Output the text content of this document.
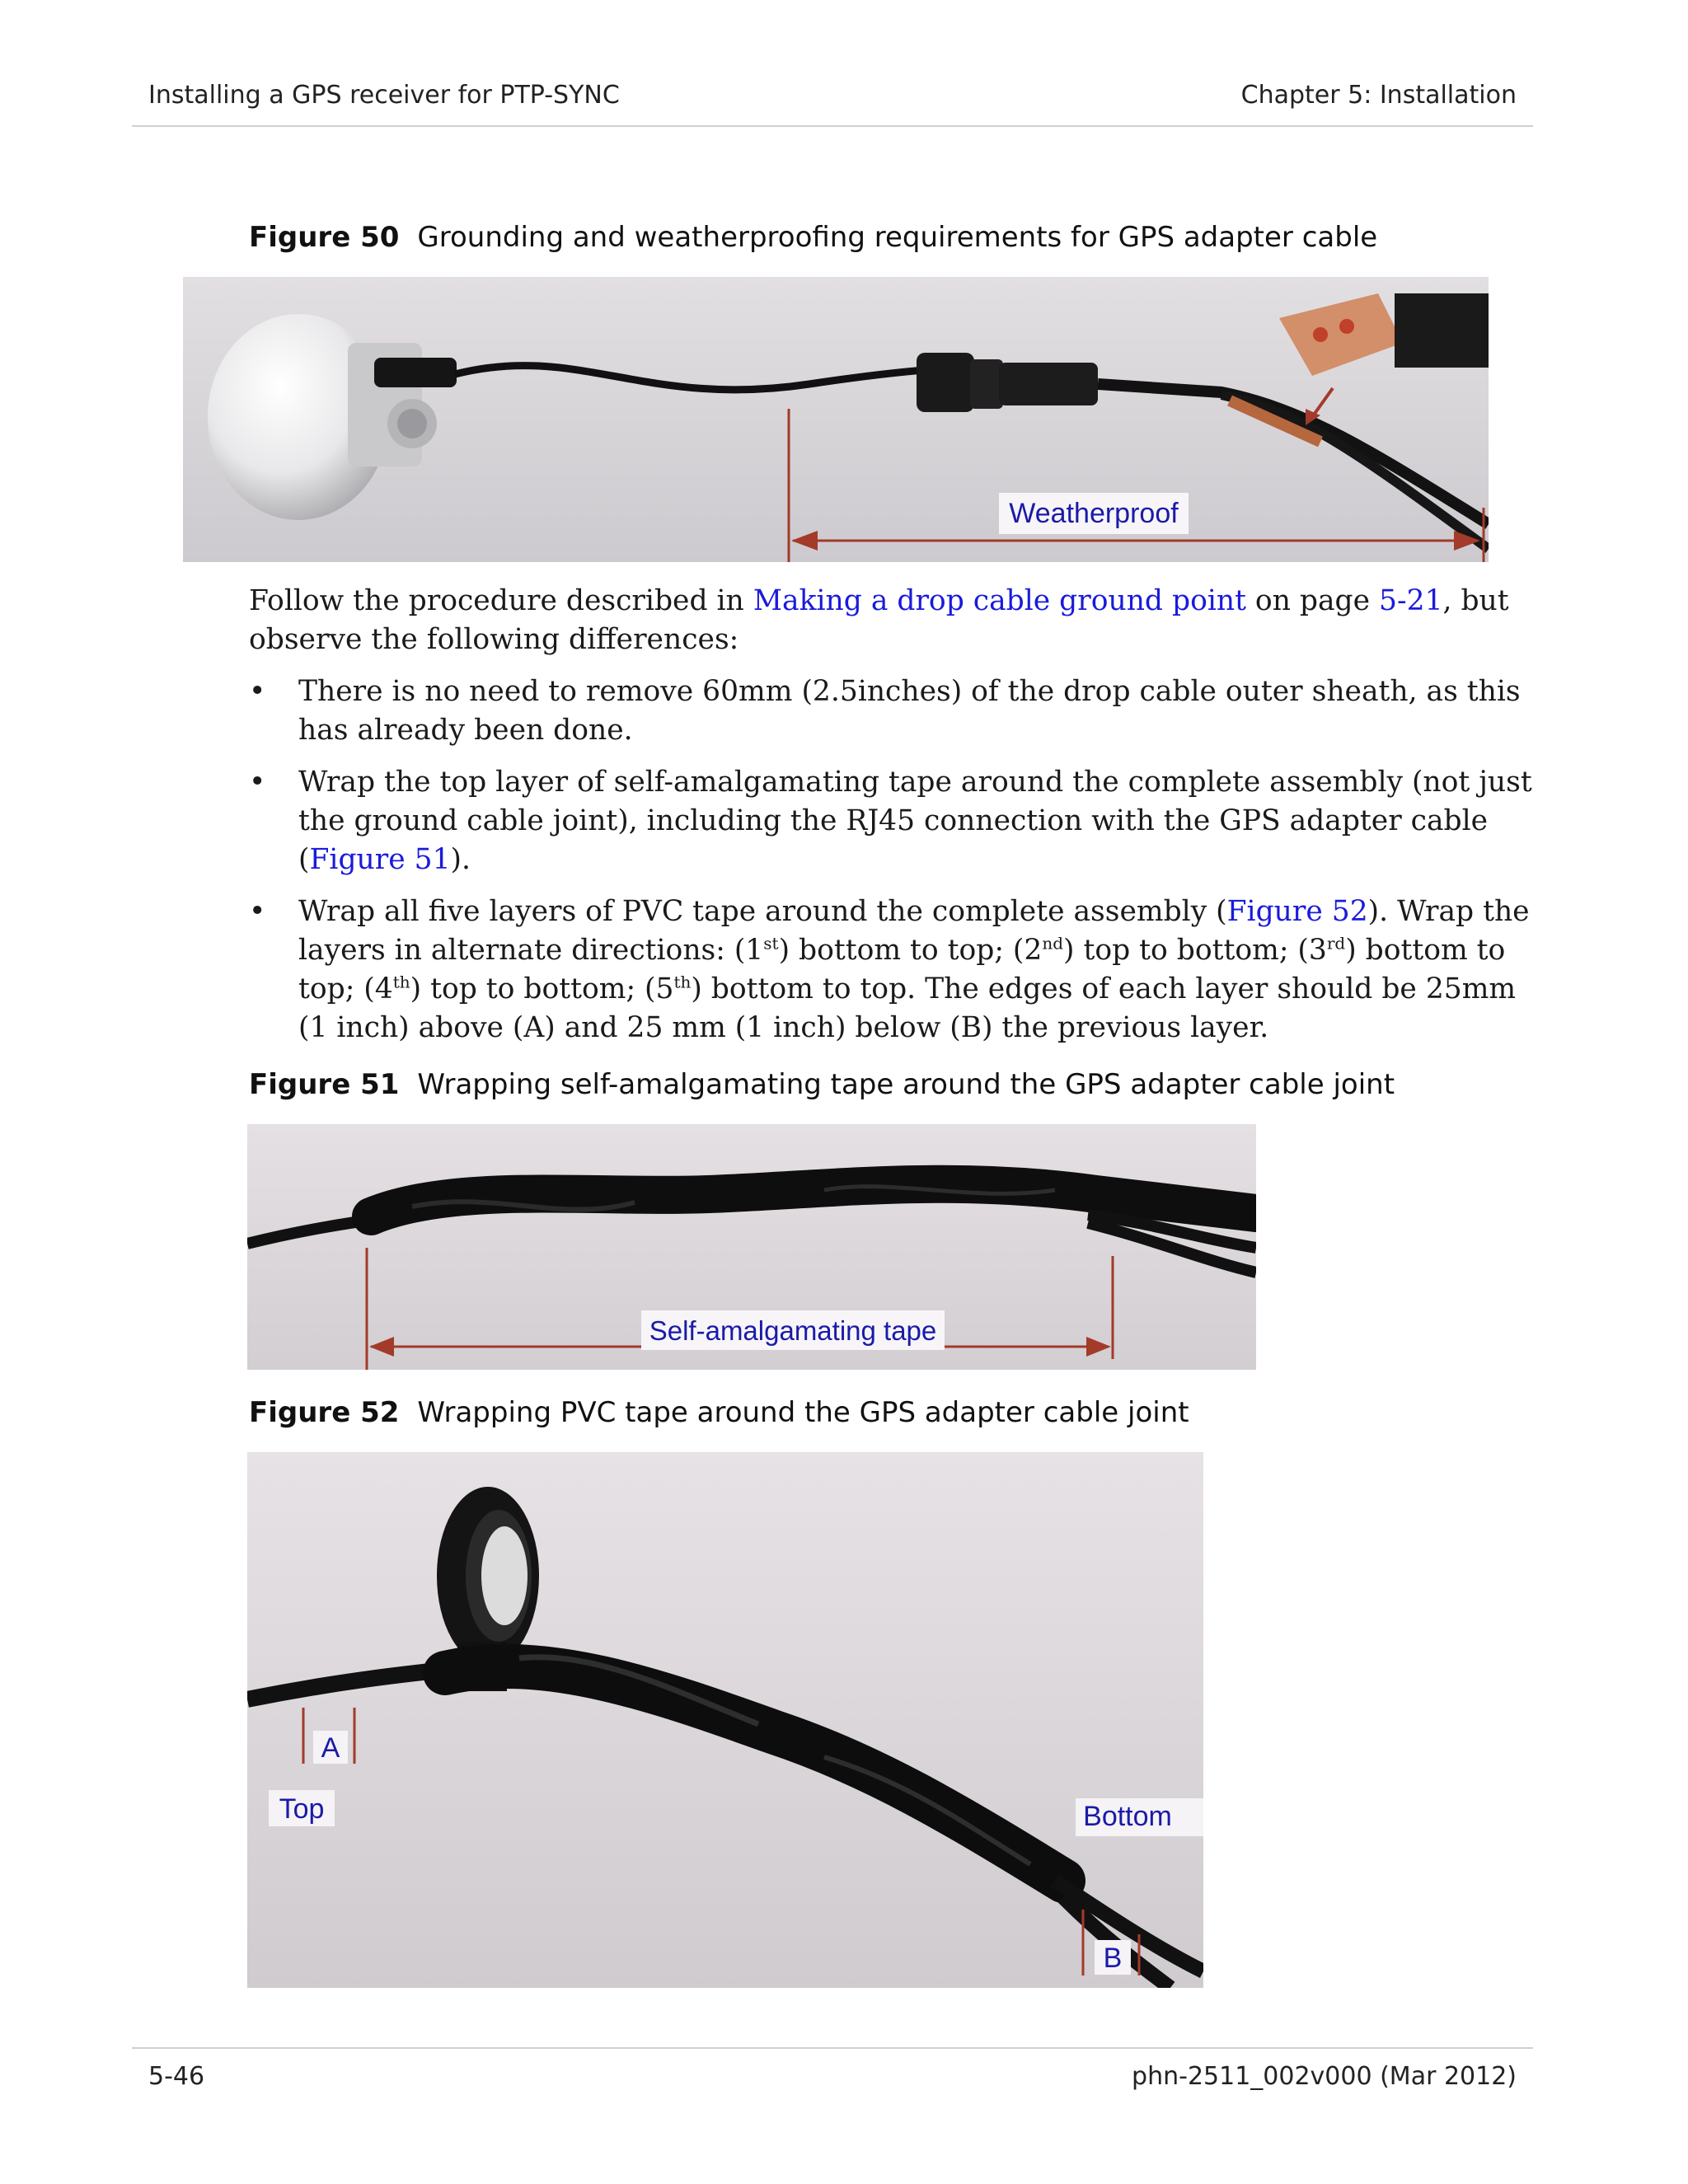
Installing a GPS receiver for PTP-SYNC	Chapter 5: Installation
Figure 50 Grounding and weatherproofing requirements for GPS adapter cable
Weatherproof
Follow the procedure described in Making a drop cable ground point on page 5-21, but observe the following differences:
• There is no need to remove 60mm (2.5inches) of the drop cable outer sheath, as this has already been done.
• Wrap the top layer of self-amalgamating tape around the complete assembly (not just the ground cable joint), including the RJ45 connection with the GPS adapter cable (Figure 51).
• Wrap all five layers of PVC tape around the complete assembly (Figure 52). Wrap the layers in alternate directions: (1st) bottom to top; (2nd) top to bottom; (3rd) bottom to top; (4th) top to bottom; (5th) bottom to top. The edges of each layer should be 25mm (1 inch) above (A) and 25 mm (1 inch) below (B) the previous layer.
Figure 51 Wrapping self-amalgamating tape around the GPS adapter cable joint
Self-amalgamating tape
Figure 52 Wrapping PVC tape around the GPS adapter cable joint
A
Top	Bottom
B
5-46	phn-2511_002v000 (Mar 2012)
